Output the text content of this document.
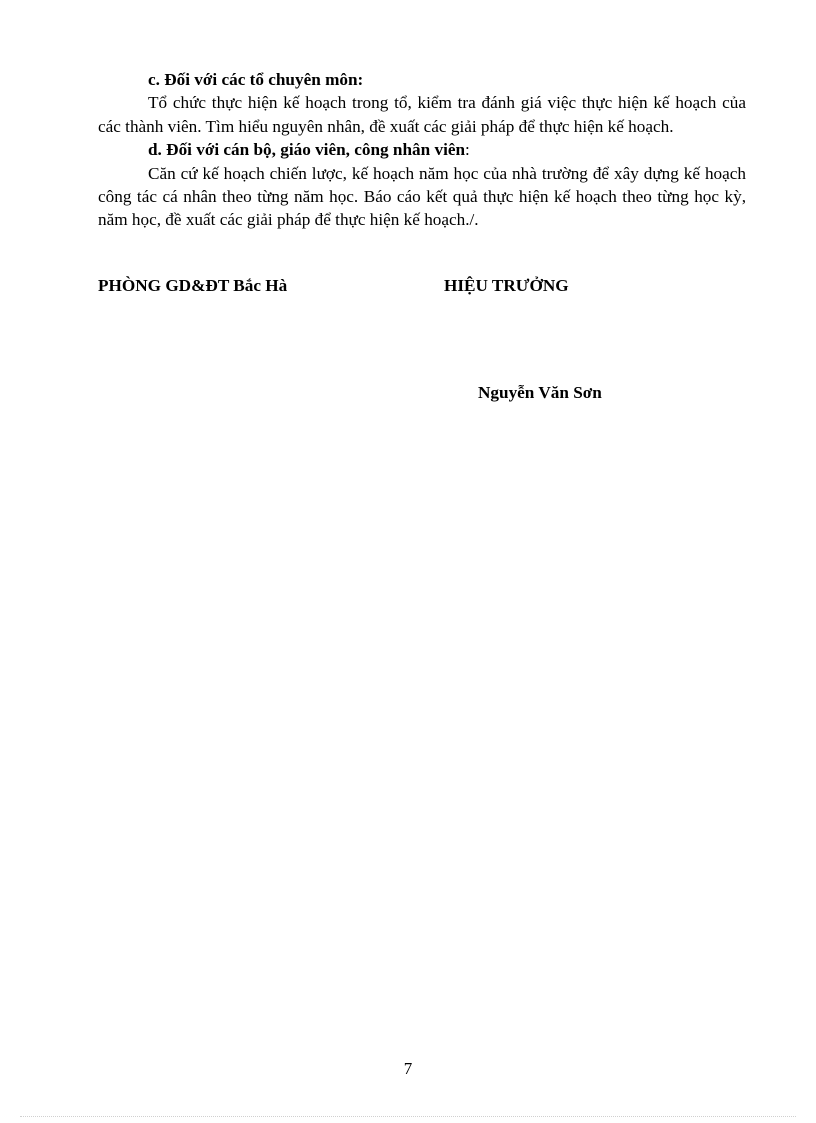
c. Đối với các tổ chuyên môn:

Tổ chức thực hiện kế hoạch trong tổ, kiểm tra đánh giá việc thực hiện kế hoạch của các thành viên. Tìm hiểu nguyên nhân, đề xuất các giải pháp để thực hiện kế hoạch.

d. Đối với cán bộ, giáo viên, công nhân viên:

Căn cứ kế hoạch chiến lược, kế hoạch năm học của nhà trường để xây dựng kế hoạch công tác cá nhân theo từng năm học. Báo cáo kết quả thực hiện kế hoạch theo từng học kỳ, năm học, đề xuất các giải pháp để thực hiện kế hoạch./.

PHÒNG GD&ĐT Bắc Hà	HIỆU TRƯỞNG
Nguyễn Văn Sơn
7
